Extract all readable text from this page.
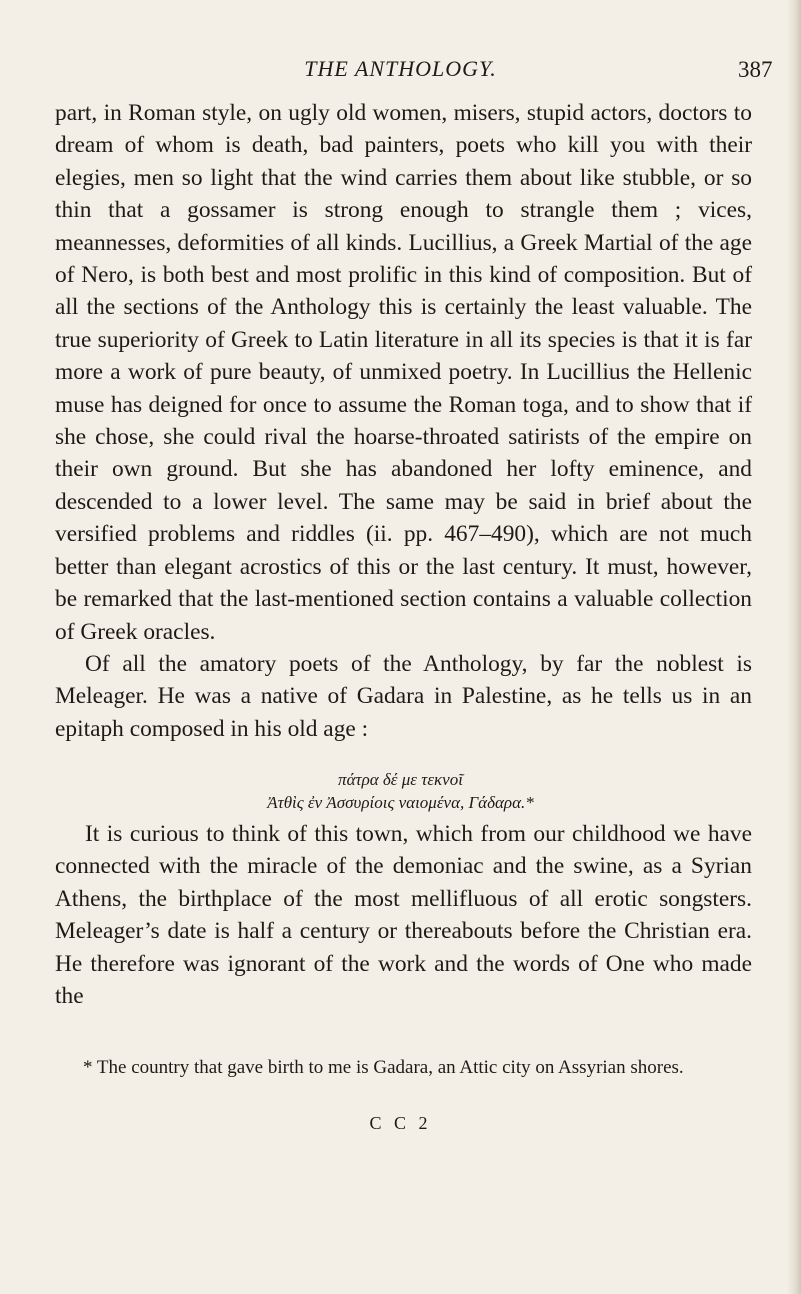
THE ANTHOLOGY.	387

part, in Roman style, on ugly old women, misers, stupid actors, doctors to dream of whom is death, bad painters, poets who kill you with their elegies, men so light that the wind carries them about like stubble, or so thin that a gossamer is strong enough to strangle them ; vices, meannesses, deformities of all kinds. Lucillius, a Greek Martial of the age of Nero, is both best and most prolific in this kind of composition. But of all the sections of the Anthology this is certainly the least valuable. The true superiority of Greek to Latin literature in all its species is that it is far more a work of pure beauty, of unmixed poetry. In Lucillius the Hellenic muse has deigned for once to assume the Roman toga, and to show that if she chose, she could rival the hoarse-throated satirists of the empire on their own ground. But she has abandoned her lofty eminence, and descended to a lower level. The same may be said in brief about the versified problems and riddles (ii. pp. 467–490), which are not much better than elegant acrostics of this or the last century. It must, however, be remarked that the last-mentioned section contains a valuable collection of Greek oracles.

Of all the amatory poets of the Anthology, by far the noblest is Meleager. He was a native of Gadara in Palestine, as he tells us in an epitaph composed in his old age :

πάτρα δέ με τεκνοῖ
Ἀτθὶς ἐν Ἀσσυρίοις ναιομένα, Γάδαρα.*

It is curious to think of this town, which from our childhood we have connected with the miracle of the demoniac and the swine, as a Syrian Athens, the birthplace of the most mellifluous of all erotic songsters. Meleager’s date is half a century or thereabouts before the Christian era. He therefore was ignorant of the work and the words of One who made the

* The country that gave birth to me is Gadara, an Attic city on Assyrian shores.
C C 2
